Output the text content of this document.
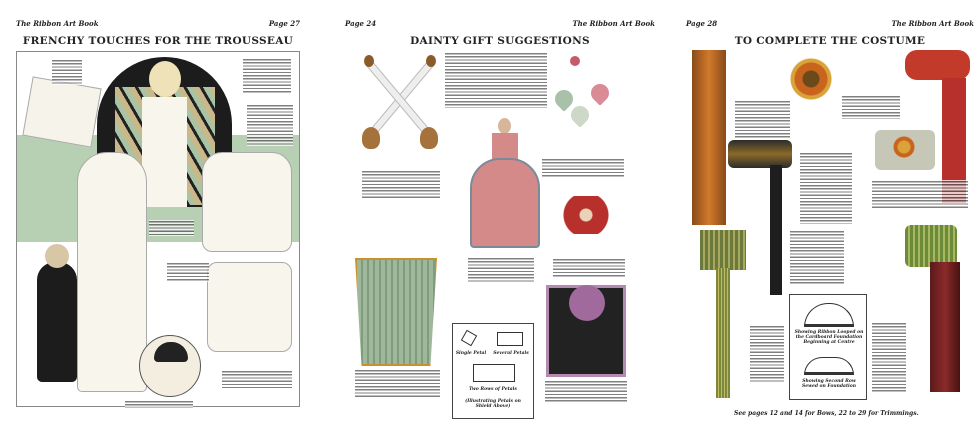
The Ribbon Art Book	Page 27
FRENCHY TOUCHES FOR THE TROUSSEAU
Page 24	The Ribbon Art Book
DAINTY GIFT SUGGESTIONS
Single Petal	Several Petals
Two Rows of Petals
(Illustrating Petals on Shield Above)
Page 28	The Ribbon Art Book
TO COMPLETE THE COSTUME
Showing Ribbon Looped on the Cardboard Foundation Beginning at Centre
Showing Second Row Sewed on Foundation
See pages 12 and 14 for Bows, 22 to 29 for Trimmings.
